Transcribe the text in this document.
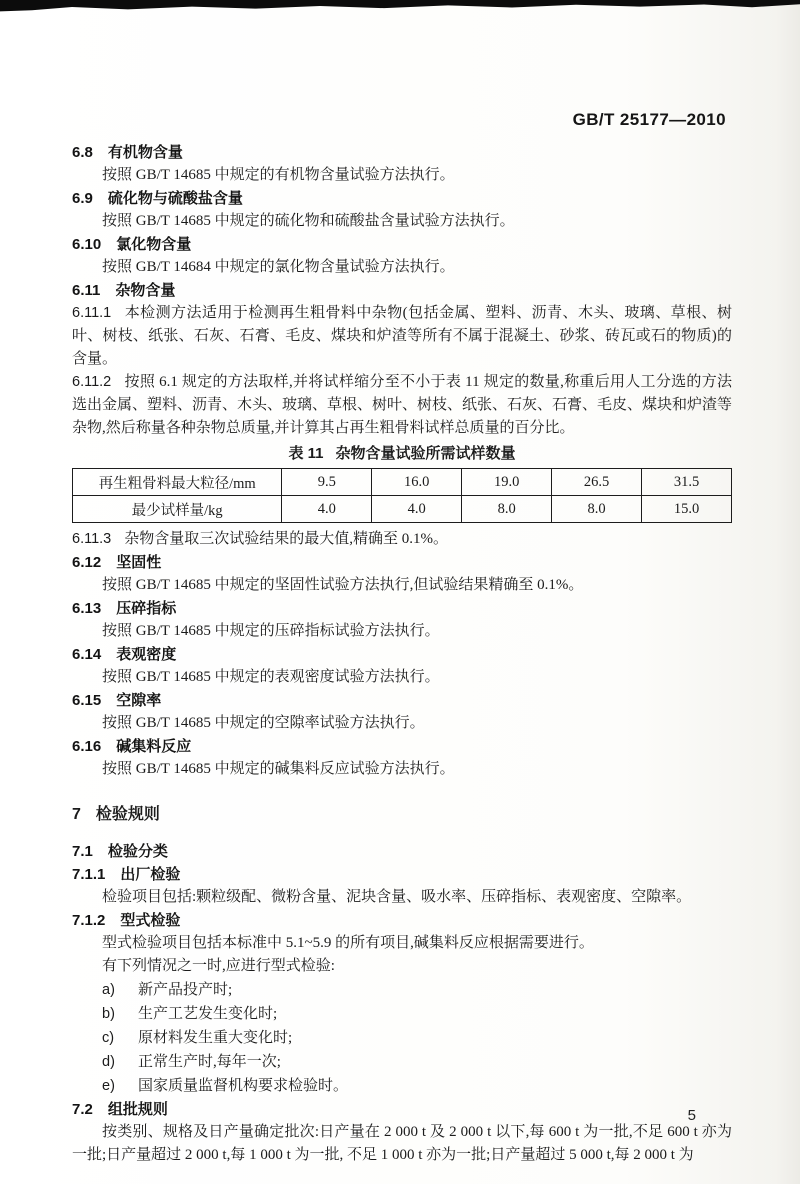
GB/T 25177—2010
6.8 有机物含量

按照 GB/T 14685 中规定的有机物含量试验方法执行。

6.9 硫化物与硫酸盐含量

按照 GB/T 14685 中规定的硫化物和硫酸盐含量试验方法执行。

6.10 氯化物含量

按照 GB/T 14684 中规定的氯化物含量试验方法执行。

6.11 杂物含量

6.11.1 本检测方法适用于检测再生粗骨料中杂物(包括金属、塑料、沥青、木头、玻璃、草根、树叶、树枝、纸张、石灰、石膏、毛皮、煤块和炉渣等所有不属于混凝土、砂浆、砖瓦或石的物质)的含量。

6.11.2 按照 6.1 规定的方法取样,并将试样缩分至不小于表 11 规定的数量,称重后用人工分选的方法选出金属、塑料、沥青、木头、玻璃、草根、树叶、树枝、纸张、石灰、石膏、毛皮、煤块和炉渣等杂物,然后称量各种杂物总质量,并计算其占再生粗骨料试样总质量的百分比。

表 11 杂物含量试验所需试样数量
再生粗骨料最大粒径/mm	9.5	16.0	19.0	26.5	31.5
最少试样量/kg	4.0	4.0	8.0	8.0	15.0

6.11.3 杂物含量取三次试验结果的最大值,精确至 0.1%。

6.12 坚固性

按照 GB/T 14685 中规定的坚固性试验方法执行,但试验结果精确至 0.1%。

6.13 压碎指标

按照 GB/T 14685 中规定的压碎指标试验方法执行。

6.14 表观密度

按照 GB/T 14685 中规定的表观密度试验方法执行。

6.15 空隙率

按照 GB/T 14685 中规定的空隙率试验方法执行。

6.16 碱集料反应

按照 GB/T 14685 中规定的碱集料反应试验方法执行。

7 检验规则
7.1 检验分类
7.1.1 出厂检验

检验项目包括:颗粒级配、微粉含量、泥块含量、吸水率、压碎指标、表观密度、空隙率。

7.1.2 型式检验

型式检验项目包括本标准中 5.1~5.9 的所有项目,碱集料反应根据需要进行。

有下列情况之一时,应进行型式检验:

a)	新产品投产时;
b)	生产工艺发生变化时;
c)	原材料发生重大变化时;
d)	正常生产时,每年一次;
e)	国家质量监督机构要求检验时。
7.2 组批规则

按类别、规格及日产量确定批次:日产量在 2 000 t 及 2 000 t 以下,每 600 t 为一批,不足 600 t 亦为一批;日产量超过 2 000 t,每 1 000 t 为一批, 不足 1 000 t 亦为一批;日产量超过 5 000 t,每 2 000 t 为

5
